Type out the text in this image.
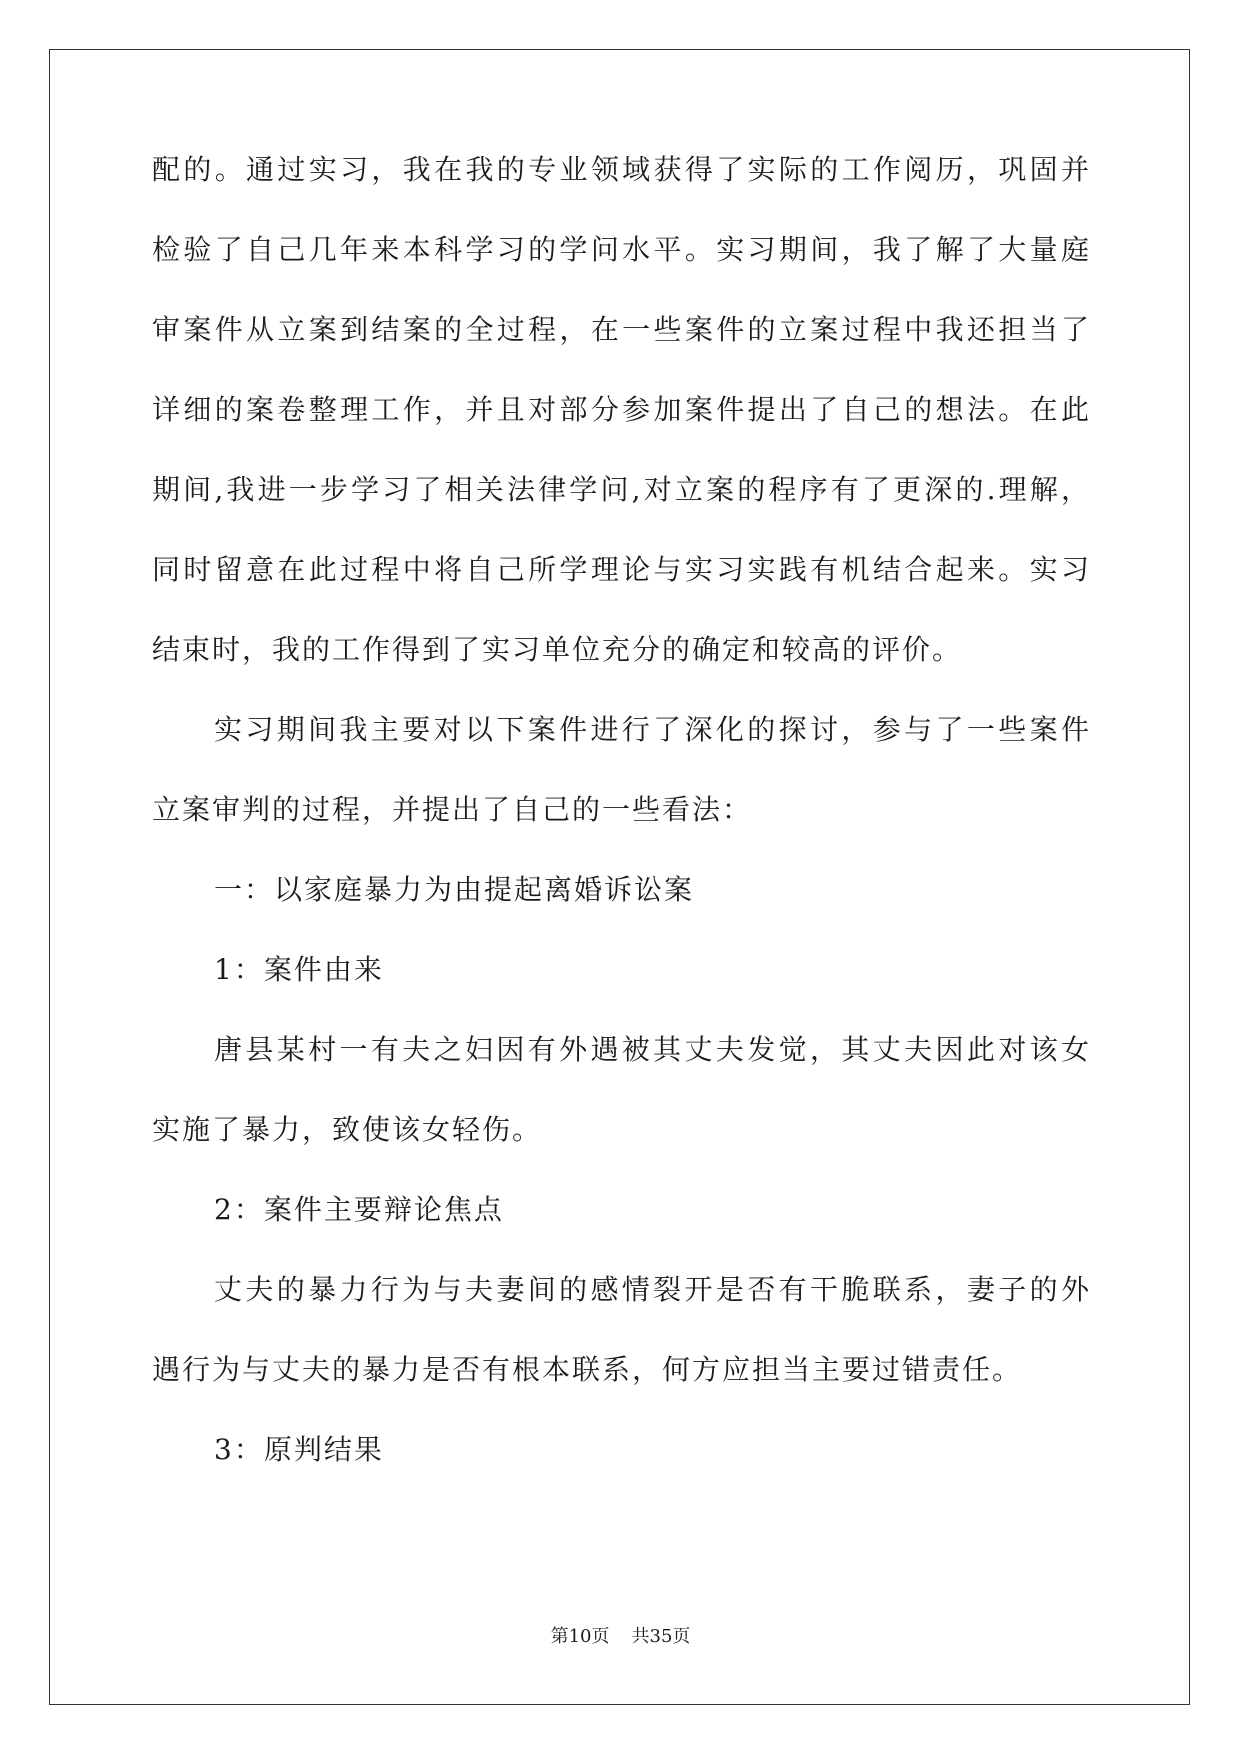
配的。通过实习，我在我的专业领域获得了实际的工作阅历，巩固并
检验了自己几年来本科学习的学问水平。实习期间，我了解了大量庭
审案件从立案到结案的全过程，在一些案件的立案过程中我还担当了
详细的案卷整理工作，并且对部分参加案件提出了自己的想法。在此
期间,我进一步学习了相关法律学问,对立案的程序有了更深的.理解，
同时留意在此过程中将自己所学理论与实习实践有机结合起来。实习
结束时，我的工作得到了实习单位充分的确定和较高的评价。
实习期间我主要对以下案件进行了深化的探讨，参与了一些案件
立案审判的过程，并提出了自己的一些看法：
一：以家庭暴力为由提起离婚诉讼案
1：案件由来
唐县某村一有夫之妇因有外遇被其丈夫发觉，其丈夫因此对该女
实施了暴力，致使该女轻伤。
2：案件主要辩论焦点
丈夫的暴力行为与夫妻间的感情裂开是否有干脆联系，妻子的外
遇行为与丈夫的暴力是否有根本联系，何方应担当主要过错责任。
3：原判结果
第10页 共35页
